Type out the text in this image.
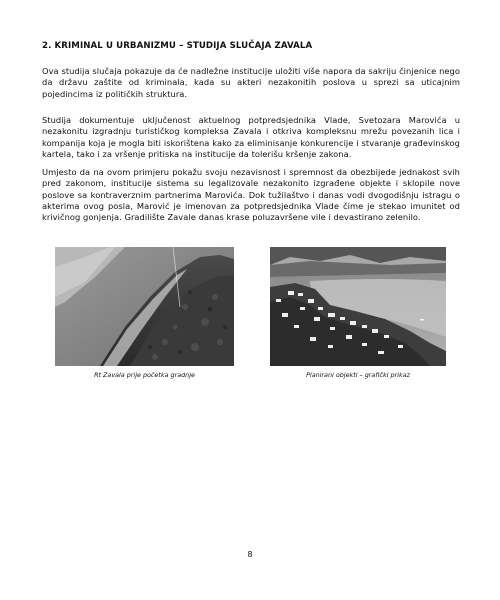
2. KRIMINAL U URBANIZMU – STUDIJA SLUČAJA ZAVALA

Ova studija slučaja pokazuje da će nadležne institucije uložiti više napora da sakriju činjenice nego da državu zaštite od kriminala, kada su akteri nezakonitih poslova u sprezi sa uticajnim pojedincima iz političkih struktura.

Studija dokumentuje uključenost aktuelnog potpredsjednika Vlade, Svetozara Marovića u nezakonitu izgradnju turističkog kompleksa Zavala i otkriva kompleksnu mrežu povezanih lica i kompanija koja je mogla biti iskorištena kako za eliminisanje konkurencije i stvaranje građevinskog kartela, tako i za vršenje pritiska na institucije da tolerišu kršenje zakona.

Umjesto da na ovom primjeru pokažu svoju nezavisnost i spremnost da obezbijede jednakost svih pred zakonom, institucije sistema su legalizovale nezakonito izgrađene objekte i sklopile nove poslove sa kontraverznim partnerima Marovića. Dok tužilaštvo i danas vodi dvogodišnju istragu o akterima ovog posla, Marović je imenovan za potpredsjednika Vlade čime je stekao imunitet od krivičnog gonjenja. Gradilište Zavale danas krase poluzavršene vile i devastirano zelenilo.

Rt Zavala prije početka gradnje	Planirani objekti – grafički prikaz
8
